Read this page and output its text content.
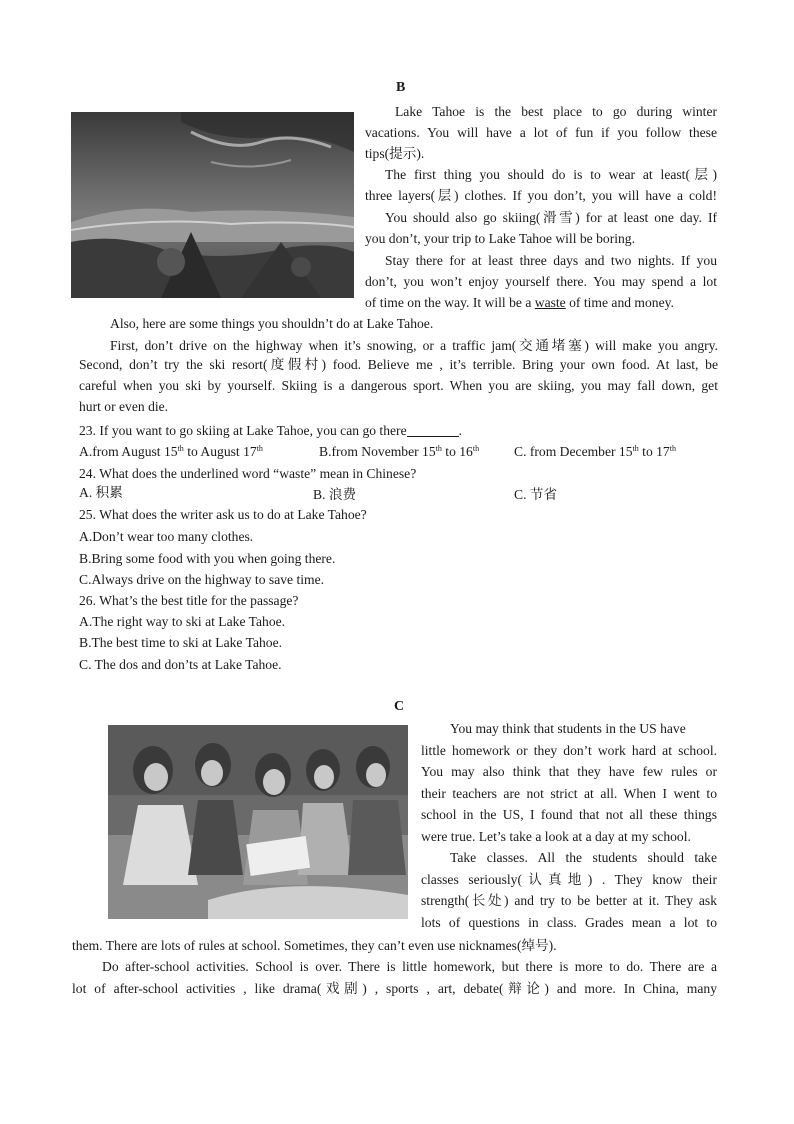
B
Lake Tahoe is the best place to go during winter
vacations. You will have a lot of fun if you follow these
tips(提示).
The first thing you should do is to wear at least(层)
three layers(层) clothes. If you don’t, you will have a cold!
You should also go skiing(滑雪) for at least one day. If
you don’t, your trip to Lake Tahoe will be boring.
Stay there for at least three days and two nights. If you
don’t, you won’t enjoy yourself there. You may spend a lot
of time on the way. It will be a waste of time and money.
Also, here are some things you shouldn’t do at Lake Tahoe.
First, don’t drive on the highway when it’s snowing, or a traffic jam(交通堵塞) will make you angry.
Second, don’t try the ski resort(度假村) food. Believe me , it’s terrible. Bring your own food. At last, be
careful when you ski by yourself. Skiing is a dangerous sport. When you are skiing, you may fall down, get
hurt or even die.
23. If you want to go skiing at Lake Tahoe, you can go there	.
A.from August 15th to August 17th	B.from November 15th to 16th	C. from December 15th to 17th
24. What does the underlined word “waste” mean in Chinese?
A. 积累	B. 浪费	C. 节省
25. What does the writer ask us to do at Lake Tahoe?
A.Don’t wear too many clothes.
B.Bring some food with you when going there.
C.Always drive on the highway to save time.
26. What’s the best title for the passage?
A.The right way to ski at Lake Tahoe.
B.The best time to ski at Lake Tahoe.
C. The dos and don’ts at Lake Tahoe.
C
You may think that students in the US have
little homework or they don’t work hard at school.
You may also think that they have few rules or
their teachers are not strict at all. When I went to
school in the US, I found that not all these things
were true. Let’s take a look at a day at my school.
Take classes. All the students should take
classes seriously(认真地) . They know their
strength(长处) and try to be better at it. They ask
lots of questions in class. Grades mean a lot to
them. There are lots of rules at school. Sometimes, they can’t even use nicknames(绰号).
Do after-school activities. School is over. There is little homework, but there is more to do. There are a
lot of after-school activities , like drama(戏剧) , sports , art, debate(辩论) and more. In China, many
